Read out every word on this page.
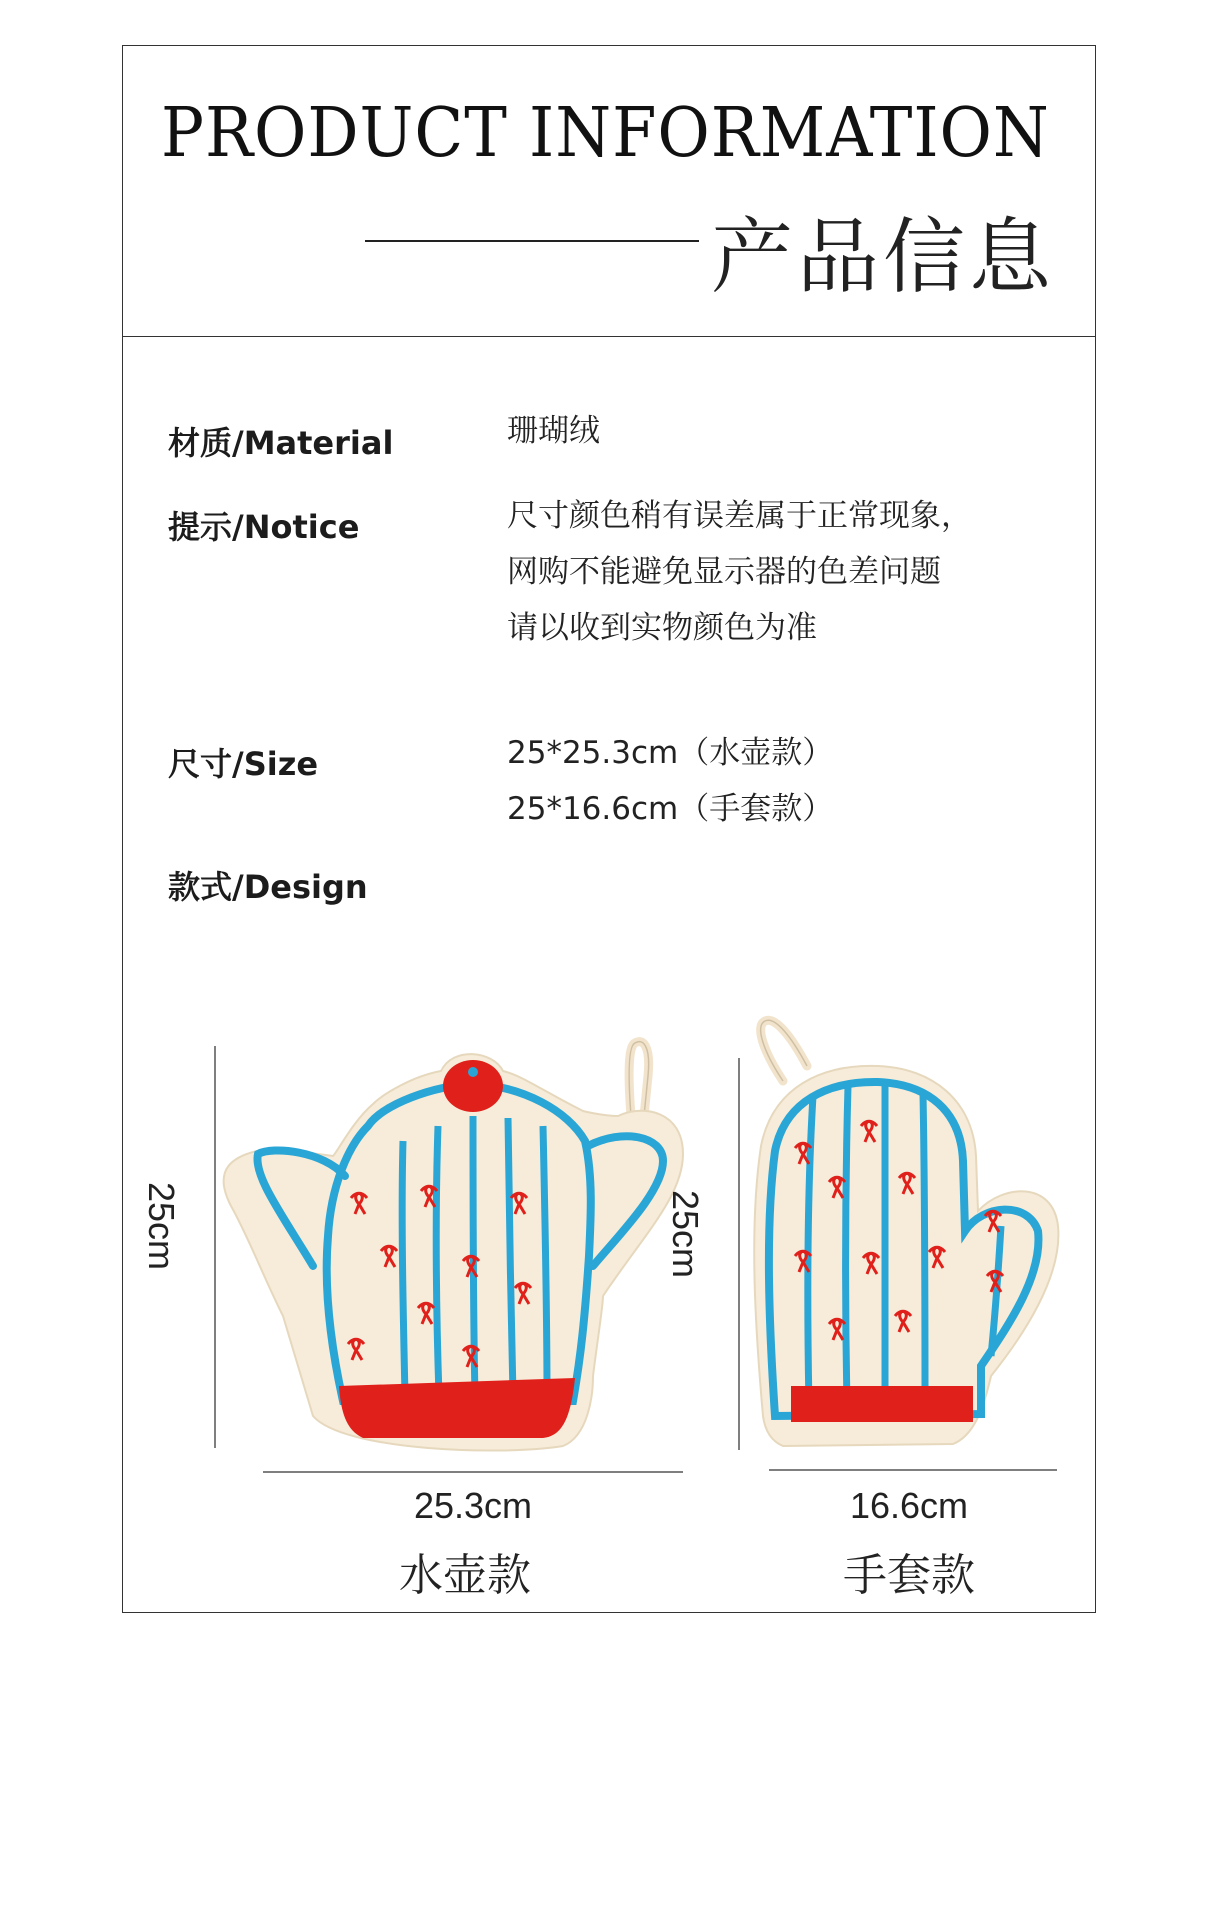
PRODUCT INFORMATION
产品信息
材质/Material	珊瑚绒
提示/Notice	尺寸颜色稍有误差属于正常现象，
网购不能避免显示器的色差问题
请以收到实物颜色为准
尺寸/Size	25*25.3cm（水壶款）
25*16.6cm（手套款）
款式/Design
25cm
25.3cm
水壶款
25cm
16.6cm
手套款
